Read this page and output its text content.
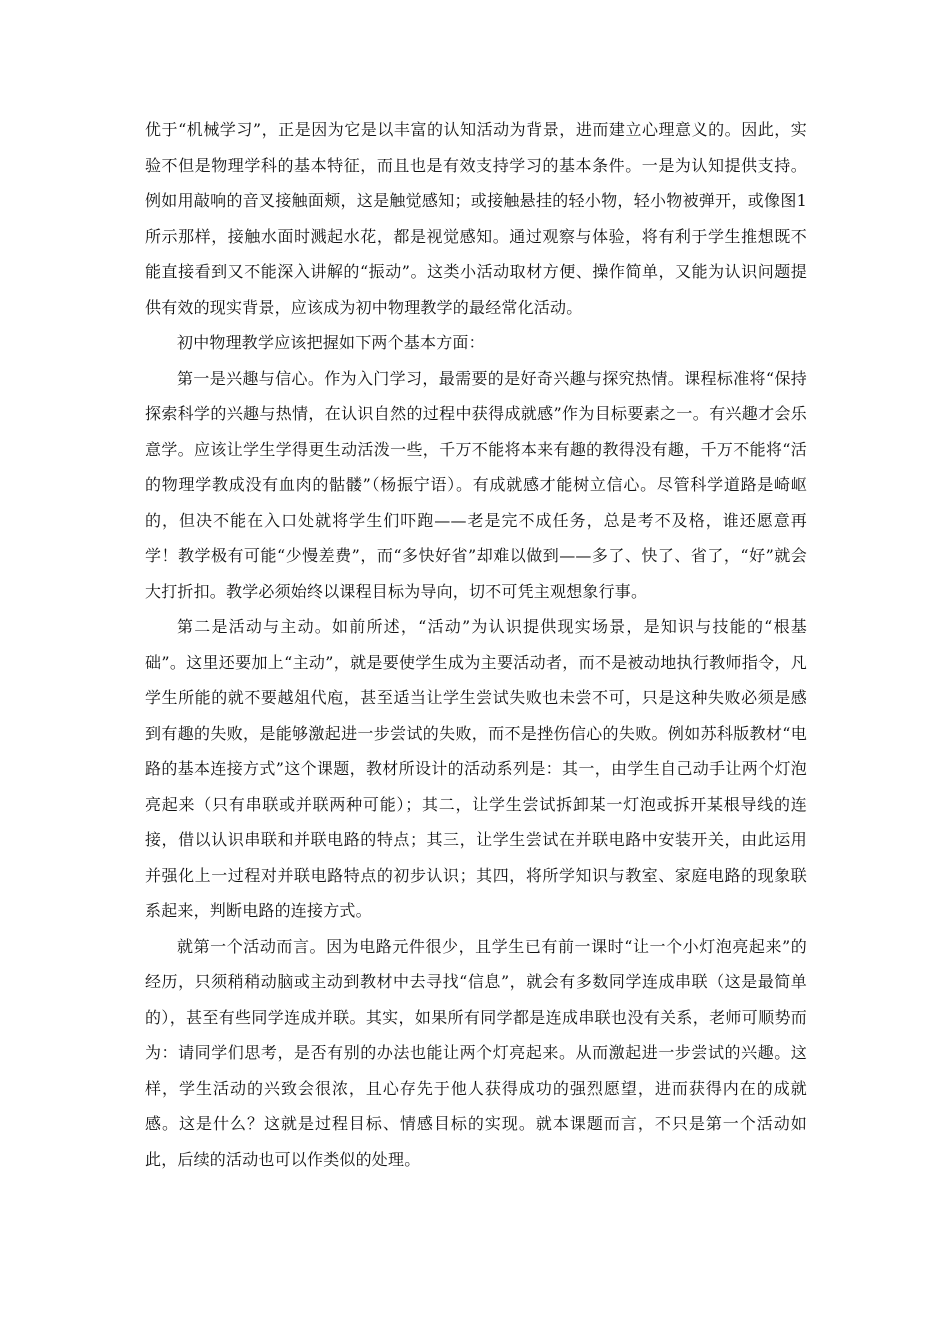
优于“机械学习”，正是因为它是以丰富的认知活动为背景，进而建立心理意义的。因此，实验不但是物理学科的基本特征，而且也是有效支持学习的基本条件。一是为认知提供支持。例如用敲响的音叉接触面颊，这是触觉感知；或接触悬挂的轻小物，轻小物被弹开，或像图1所示那样，接触水面时溅起水花，都是视觉感知。通过观察与体验，将有利于学生推想既不能直接看到又不能深入讲解的“振动”。这类小活动取材方便、操作简单，又能为认识问题提供有效的现实背景，应该成为初中物理教学的最经常化活动。

初中物理教学应该把握如下两个基本方面：

第一是兴趣与信心。作为入门学习，最需要的是好奇兴趣与探究热情。课程标准将“保持探索科学的兴趣与热情，在认识自然的过程中获得成就感”作为目标要素之一。有兴趣才会乐意学。应该让学生学得更生动活泼一些，千万不能将本来有趣的教得没有趣，千万不能将“活的物理学教成没有血肉的骷髅”（杨振宁语）。有成就感才能树立信心。尽管科学道路是崎岖的，但决不能在入口处就将学生们吓跑——老是完不成任务，总是考不及格，谁还愿意再学！教学极有可能“少慢差费”，而“多快好省”却难以做到——多了、快了、省了，“好”就会大打折扣。教学必须始终以课程目标为导向，切不可凭主观想象行事。

第二是活动与主动。如前所述，“活动”为认识提供现实场景，是知识与技能的“根基础”。这里还要加上“主动”，就是要使学生成为主要活动者，而不是被动地执行教师指令，凡学生所能的就不要越俎代庖，甚至适当让学生尝试失败也未尝不可，只是这种失败必须是感到有趣的失败，是能够激起进一步尝试的失败，而不是挫伤信心的失败。例如苏科版教材“电路的基本连接方式”这个课题，教材所设计的活动系列是：其一，由学生自己动手让两个灯泡亮起来（只有串联或并联两种可能）；其二，让学生尝试拆卸某一灯泡或拆开某根导线的连接，借以认识串联和并联电路的特点；其三，让学生尝试在并联电路中安装开关，由此运用并强化上一过程对并联电路特点的初步认识；其四，将所学知识与教室、家庭电路的现象联系起来，判断电路的连接方式。

就第一个活动而言。因为电路元件很少，且学生已有前一课时“让一个小灯泡亮起来”的经历，只须稍稍动脑或主动到教材中去寻找“信息”，就会有多数同学连成串联（这是最简单的），甚至有些同学连成并联。其实，如果所有同学都是连成串联也没有关系，老师可顺势而为：请同学们思考，是否有别的办法也能让两个灯亮起来。从而激起进一步尝试的兴趣。这样，学生活动的兴致会很浓，且心存先于他人获得成功的强烈愿望，进而获得内在的成就感。这是什么？这就是过程目标、情感目标的实现。就本课题而言，不只是第一个活动如此，后续的活动也可以作类似的处理。
